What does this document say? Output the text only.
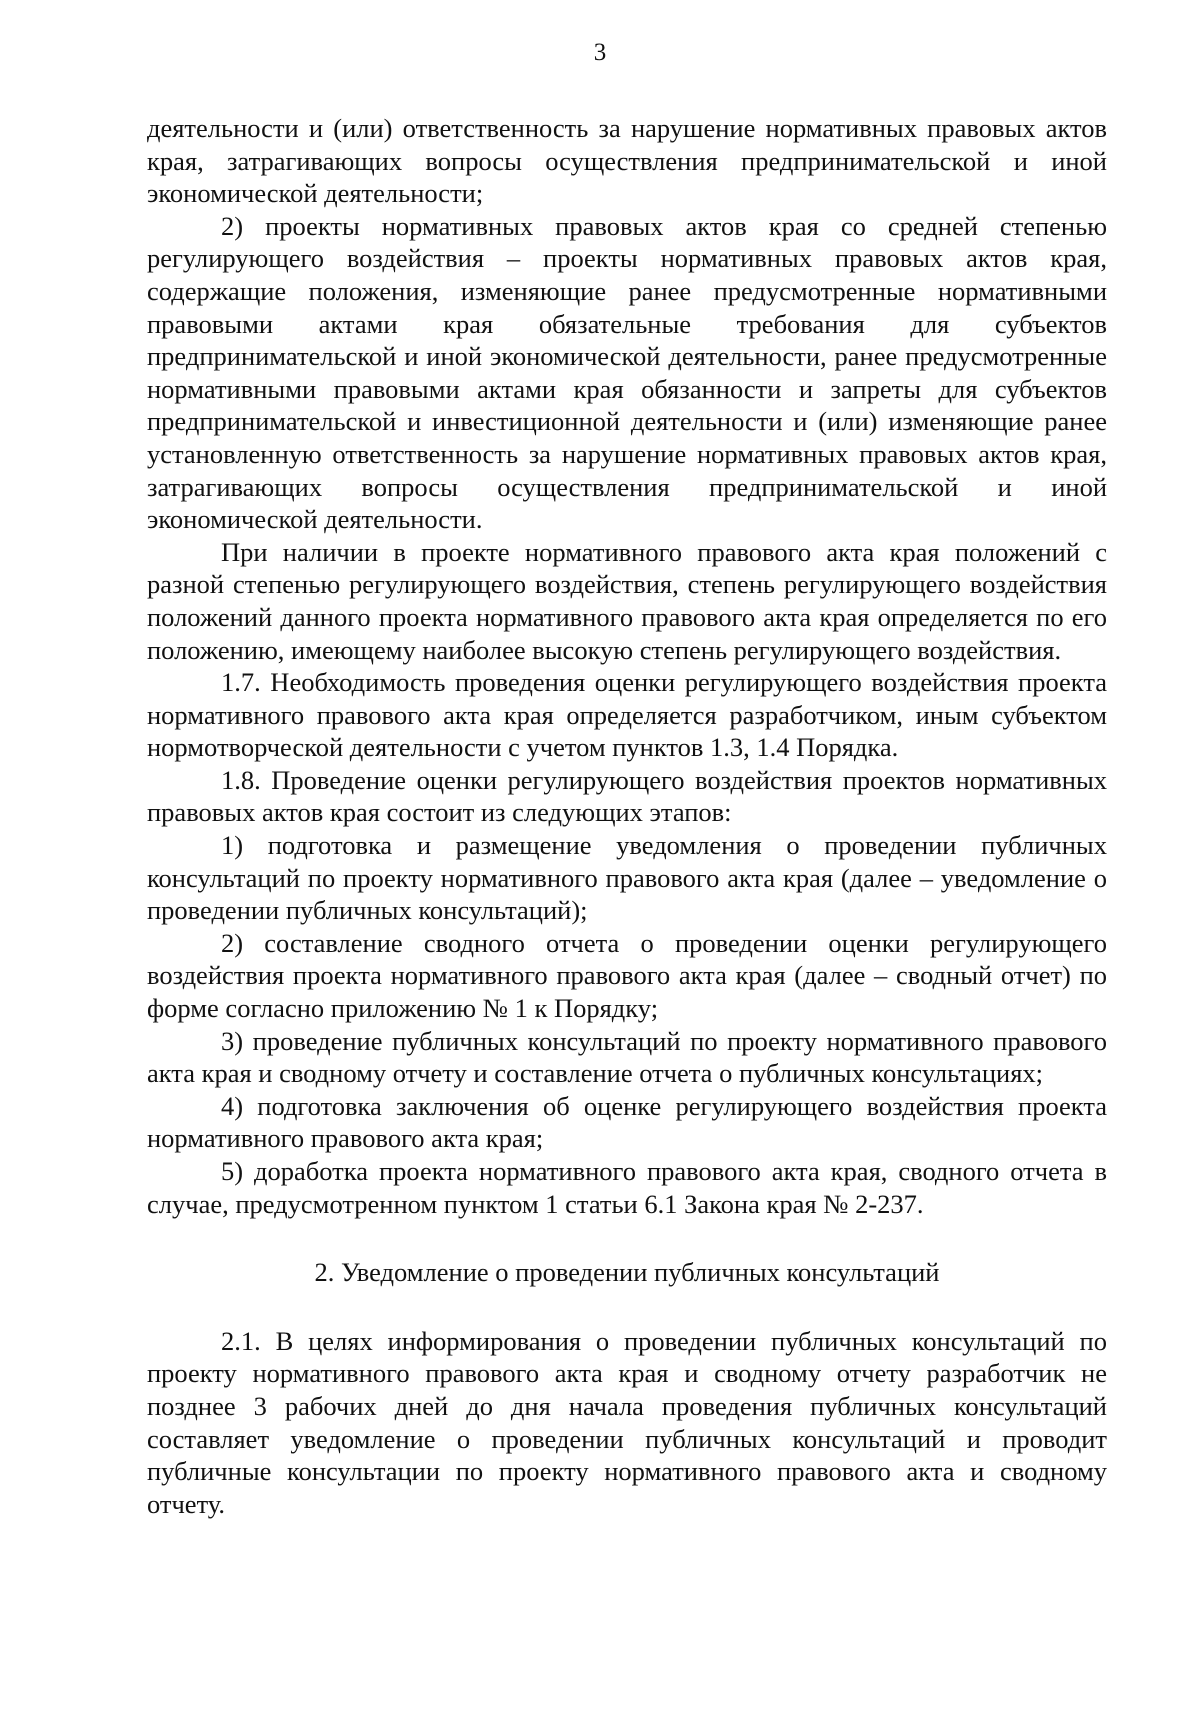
3

деятельности и (или) ответственность за нарушение нормативных правовых актов края, затрагивающих вопросы осуществления предпринимательской и иной экономической деятельности;

2) проекты нормативных правовых актов края со средней степенью регулирующего воздействия – проекты нормативных правовых актов края, содержащие положения, изменяющие ранее предусмотренные нормативными правовыми актами края обязательные требования для субъектов предпринимательской и иной экономической деятельности, ранее предусмотренные нормативными правовыми актами края обязанности и запреты для субъектов предпринимательской и инвестиционной деятельности и (или) изменяющие ранее установленную ответственность за нарушение нормативных правовых актов края, затрагивающих вопросы осуществления предпринимательской и иной экономической деятельности.

При наличии в проекте нормативного правового акта края положений с разной степенью регулирующего воздействия, степень регулирующего воздействия положений данного проекта нормативного правового акта края определяется по его положению, имеющему наиболее высокую степень регулирующего воздействия.

1.7. Необходимость проведения оценки регулирующего воздействия проекта нормативного правового акта края определяется разработчиком, иным субъектом нормотворческой деятельности с учетом пунктов 1.3, 1.4 Порядка.

1.8. Проведение оценки регулирующего воздействия проектов нормативных правовых актов края состоит из следующих этапов:

1) подготовка и размещение уведомления о проведении публичных консультаций по проекту нормативного правового акта края (далее – уведомление о проведении публичных консультаций);

2) составление сводного отчета о проведении оценки регулирующего воздействия проекта нормативного правового акта края (далее – сводный отчет) по форме согласно приложению № 1 к Порядку;

3) проведение публичных консультаций по проекту нормативного правового акта края и сводному отчету и составление отчета о публичных консультациях;

4) подготовка заключения об оценке регулирующего воздействия проекта нормативного правового акта края;

5) доработка проекта нормативного правового акта края, сводного отчета в случае, предусмотренном пунктом 1 статьи 6.1 Закона края № 2-237.

2. Уведомление о проведении публичных консультаций

2.1. В целях информирования о проведении публичных консультаций по проекту нормативного правового акта края и сводному отчету разработчик не позднее 3 рабочих дней до дня начала проведения публичных консультаций составляет уведомление о проведении публичных консультаций и проводит публичные консультации по проекту нормативного правового акта и сводному отчету.
